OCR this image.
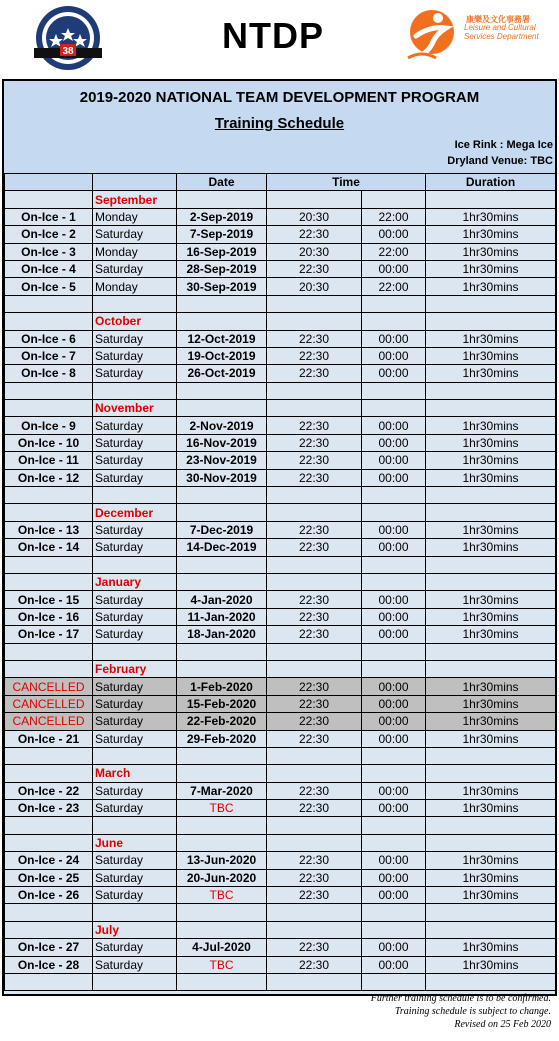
38	NTDP	康樂及文化事務署
Leisure and Cultural
Services Department
2019-2020 NATIONAL TEAM DEVELOPMENT PROGRAM
Training Schedule
Ice Rink : Mega Ice
Dryland Venue: TBC
		Date	Time		Duration
	September				
On-Ice - 1	Monday	2-Sep-2019	20:30	22:00	1hr30mins
On-Ice - 2	Saturday	7-Sep-2019	22:30	00:00	1hr30mins
On-Ice - 3	Monday	16-Sep-2019	20:30	22:00	1hr30mins
On-Ice - 4	Saturday	28-Sep-2019	22:30	00:00	1hr30mins
On-Ice - 5	Monday	30-Sep-2019	20:30	22:00	1hr30mins

	October				
On-Ice - 6	Saturday	12-Oct-2019	22:30	00:00	1hr30mins
On-Ice - 7	Saturday	19-Oct-2019	22:30	00:00	1hr30mins
On-Ice - 8	Saturday	26-Oct-2019	22:30	00:00	1hr30mins

	November				
On-Ice - 9	Saturday	2-Nov-2019	22:30	00:00	1hr30mins
On-Ice - 10	Saturday	16-Nov-2019	22:30	00:00	1hr30mins
On-Ice - 11	Saturday	23-Nov-2019	22:30	00:00	1hr30mins
On-Ice - 12	Saturday	30-Nov-2019	22:30	00:00	1hr30mins

	December				
On-Ice - 13	Saturday	7-Dec-2019	22:30	00:00	1hr30mins
On-Ice - 14	Saturday	14-Dec-2019	22:30	00:00	1hr30mins

	January				
On-Ice - 15	Saturday	4-Jan-2020	22:30	00:00	1hr30mins
On-Ice - 16	Saturday	11-Jan-2020	22:30	00:00	1hr30mins
On-Ice - 17	Saturday	18-Jan-2020	22:30	00:00	1hr30mins

	February				
CANCELLED	Saturday	1-Feb-2020	22:30	00:00	1hr30mins
CANCELLED	Saturday	15-Feb-2020	22:30	00:00	1hr30mins
CANCELLED	Saturday	22-Feb-2020	22:30	00:00	1hr30mins
On-Ice - 21	Saturday	29-Feb-2020	22:30	00:00	1hr30mins

	March				
On-Ice - 22	Saturday	7-Mar-2020	22:30	00:00	1hr30mins
On-Ice - 23	Saturday	TBC	22:30	00:00	1hr30mins

	June				
On-Ice - 24	Saturday	13-Jun-2020	22:30	00:00	1hr30mins
On-Ice - 25	Saturday	20-Jun-2020	22:30	00:00	1hr30mins
On-Ice - 26	Saturday	TBC	22:30	00:00	1hr30mins

	July				
On-Ice - 27	Saturday	4-Jul-2020	22:30	00:00	1hr30mins
On-Ice - 28	Saturday	TBC	22:30	00:00	1hr30mins

Further training schedule is to be confirmed.
Training schedule is subject to change.
Revised on 25 Feb 2020
